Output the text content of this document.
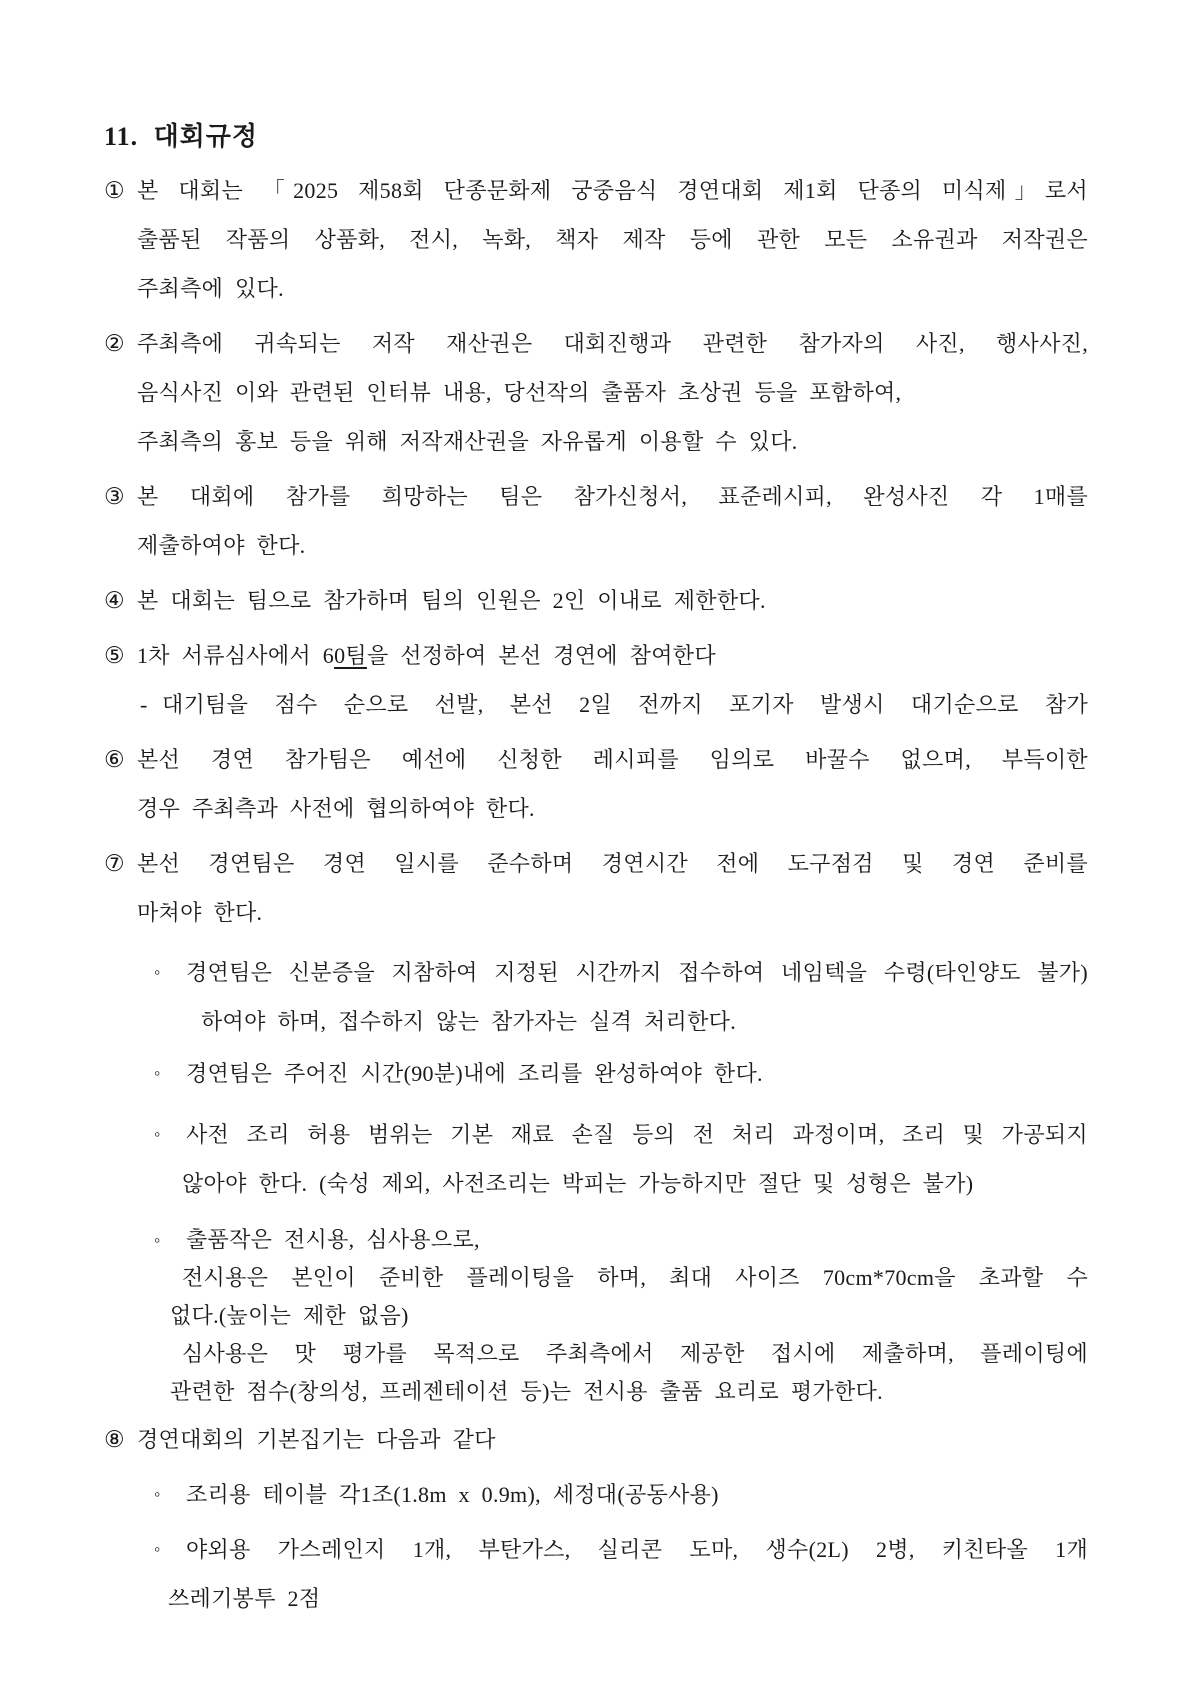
11. 대회규정
① 본 대회는 「2025 제58회 단종문화제 궁중음식 경연대회 제1회 단종의 미식제」로서
출품된 작품의 상품화, 전시, 녹화, 책자 제작 등에 관한 모든 소유권과 저작권은
주최측에 있다.
② 주최측에 귀속되는 저작 재산권은 대회진행과 관련한 참가자의 사진, 행사사진,
음식사진 이와 관련된 인터뷰 내용, 당선작의 출품자 초상권 등을 포함하여,
주최측의 홍보 등을 위해 저작재산권을 자유롭게 이용할 수 있다.
③ 본 대회에 참가를 희망하는 팀은 참가신청서, 표준레시피, 완성사진 각 1매를
제출하여야 한다.
④ 본 대회는 팀으로 참가하며 팀의 인원은 2인 이내로 제한한다.
⑤ 1차 서류심사에서 60팀을 선정하여 본선 경연에 참여한다
- 대기팀을 점수 순으로 선발, 본선 2일 전까지 포기자 발생시 대기순으로 참가
⑥ 본선 경연 참가팀은 예선에 신청한 레시피를 임의로 바꿀수 없으며, 부득이한
경우 주최측과 사전에 협의하여야 한다.
⑦ 본선 경연팀은 경연 일시를 준수하며 경연시간 전에 도구점검 및 경연 준비를
마쳐야 한다.
◦ 경연팀은 신분증을 지참하여 지정된 시간까지 접수하여 네임텍을 수령(타인양도 불가)
하여야 하며, 접수하지 않는 참가자는 실격 처리한다.
◦ 경연팀은 주어진 시간(90분)내에 조리를 완성하여야 한다.
◦ 사전 조리 허용 범위는 기본 재료 손질 등의 전 처리 과정이며, 조리 및 가공되지
않아야 한다. (숙성 제외, 사전조리는 박피는 가능하지만 절단 및 성형은 불가)
◦ 출품작은 전시용, 심사용으로,
전시용은 본인이 준비한 플레이팅을 하며, 최대 사이즈 70cm*70cm을 초과할 수
없다.(높이는 제한 없음)
심사용은 맛 평가를 목적으로 주최측에서 제공한 접시에 제출하며, 플레이팅에
관련한 점수(창의성, 프레젠테이션 등)는 전시용 출품 요리로 평가한다.
⑧ 경연대회의 기본집기는 다음과 같다
◦ 조리용 테이블 각1조(1.8m x 0.9m), 세정대(공동사용)
◦ 야외용 가스레인지 1개, 부탄가스, 실리콘 도마, 생수(2L) 2병, 키친타올 1개
쓰레기봉투 2점
